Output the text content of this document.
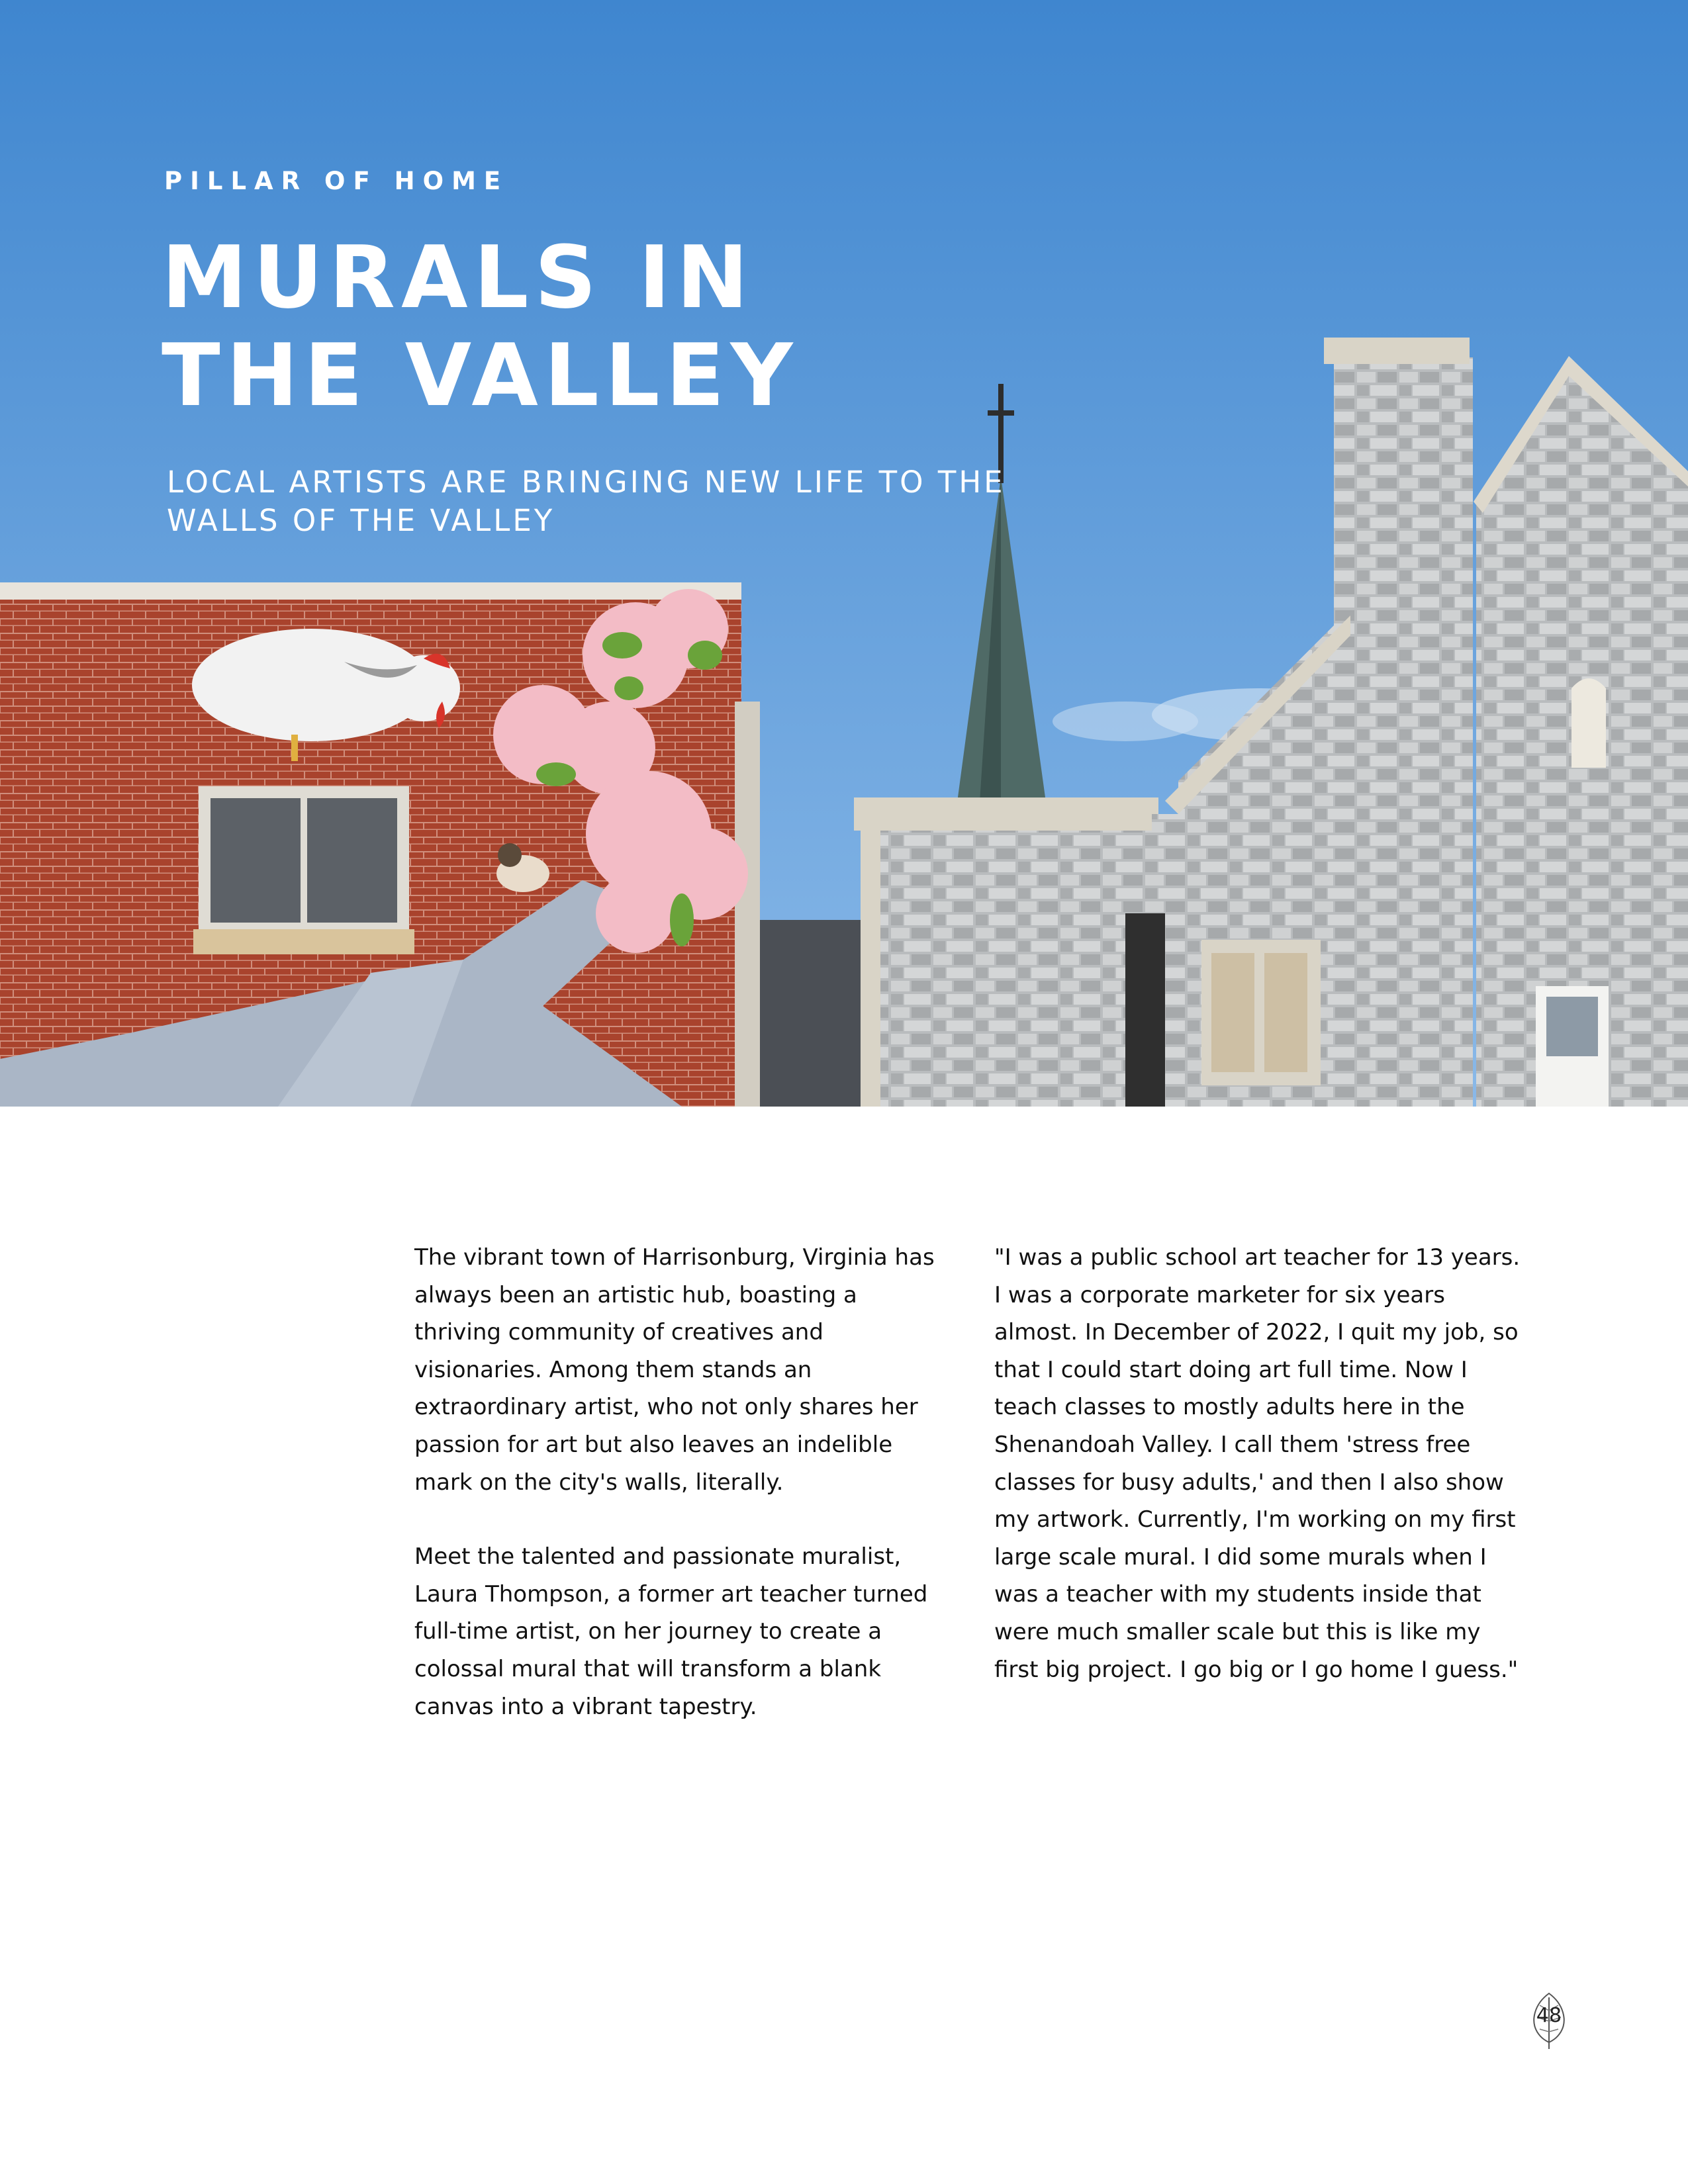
PILLAR OF HOME
MURALS IN THE VALLEY

LOCAL ARTISTS ARE BRINGING NEW LIFE TO THE WALLS OF THE VALLEY

The vibrant town of Harrisonburg, Virginia has always been an artistic hub, boasting a thriving community of creatives and visionaries. Among them stands an extraordinary artist, who not only shares her passion for art but also leaves an indelible mark on the city's walls, literally.

Meet the talented and passionate muralist, Laura Thompson, a former art teacher turned full-time artist, on her journey to create a colossal mural that will transform a blank canvas into a vibrant tapestry.

"I was a public school art teacher for 13 years. I was a corporate marketer for six years almost. In December of 2022, I quit my job, so that I could start doing art full time. Now I teach classes to mostly adults here in the Shenandoah Valley. I call them 'stress free classes for busy adults,' and then I also show my artwork. Currently, I'm working on my first large scale mural. I did some murals when I was a teacher with my students inside that were much smaller scale but this is like my first big project. I go big or I go home I guess."

48
